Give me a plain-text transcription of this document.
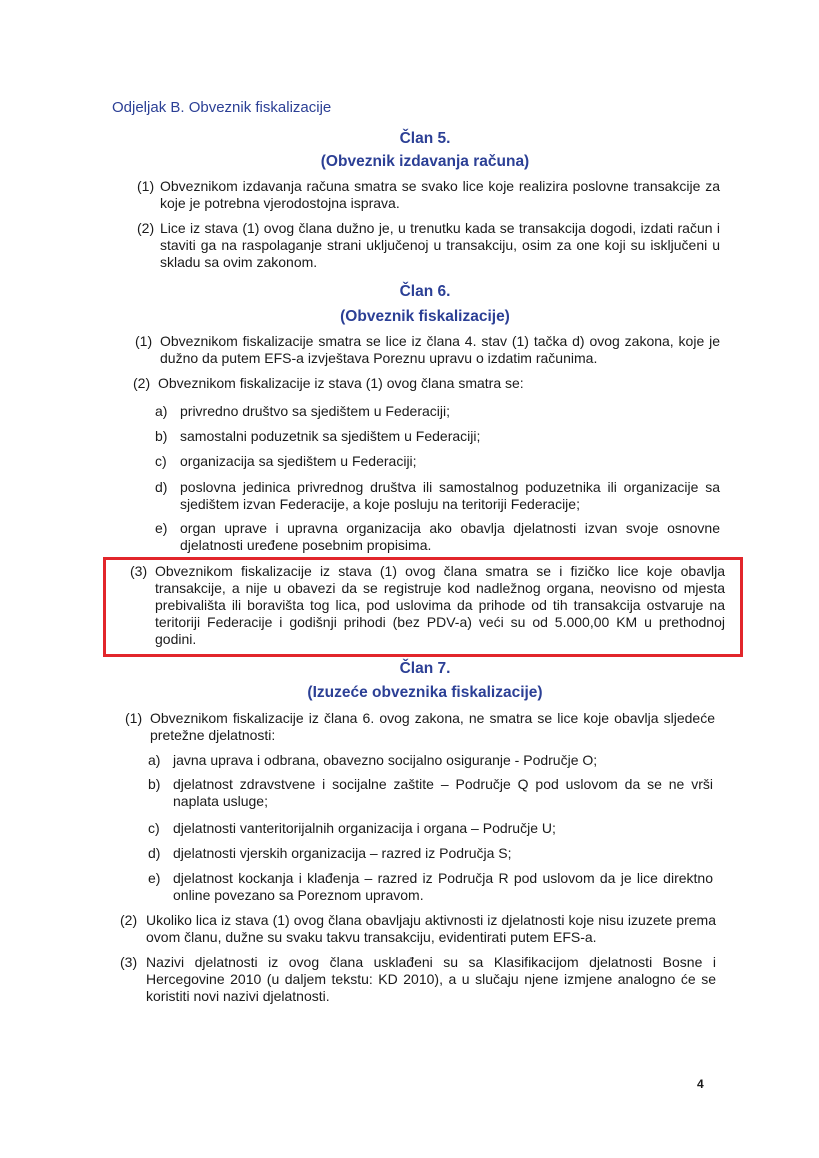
Odjeljak B. Obveznik fiskalizacije
Član 5.
(Obveznik izdavanja računa)
(1) Obveznikom izdavanja računa smatra se svako lice koje realizira poslovne transakcije za koje je potrebna vjerodostojna isprava.
(2) Lice iz stava (1) ovog člana dužno je, u trenutku kada se transakcija dogodi, izdati račun i staviti ga na raspolaganje strani uključenoj u transakciju, osim za one koji su isključeni u skladu sa ovim zakonom.
Član 6.
(Obveznik fiskalizacije)
(1) Obveznikom fiskalizacije smatra se lice iz člana 4. stav (1) tačka d) ovog zakona, koje je dužno da putem EFS-a izvještava Poreznu upravu o izdatim računima.
(2) Obveznikom fiskalizacije iz stava (1) ovog člana smatra se:
a) privredno društvo sa sjedištem u Federaciji;
b) samostalni poduzetnik sa sjedištem u Federaciji;
c) organizacija sa sjedištem u Federaciji;
d) poslovna jedinica privrednog društva ili samostalnog poduzetnika ili organizacije sa sjedištem izvan Federacije, a koje posluju na teritoriji Federacije;
e) organ uprave i upravna organizacija ako obavlja djelatnosti izvan svoje osnovne djelatnosti uređene posebnim propisima.
(3) Obveznikom fiskalizacije iz stava (1) ovog člana smatra se i fizičko lice koje obavlja transakcije, a nije u obavezi da se registruje kod nadležnog organa, neovisno od mjesta prebivališta ili boravišta tog lica, pod uslovima da prihode od tih transakcija ostvaruje na teritoriji Federacije i godišnji prihodi (bez PDV-a) veći su od 5.000,00 KM u prethodnoj godini.
Član 7.
(Izuzeće obveznika fiskalizacije)
(1) Obveznikom fiskalizacije iz člana 6. ovog zakona, ne smatra se lice koje obavlja sljedeće pretežne djelatnosti:
a) javna uprava i odbrana, obavezno socijalno osiguranje - Područje O;
b) djelatnost zdravstvene i socijalne zaštite – Područje Q pod uslovom da se ne vrši naplata usluge;
c) djelatnosti vanteritorijalnih organizacija i organa – Područje U;
d) djelatnosti vjerskih organizacija – razred iz Područja S;
e) djelatnost kockanja i klađenja – razred iz Područja R pod uslovom da je lice direktno online povezano sa Poreznom upravom.
(2) Ukoliko lica iz stava (1) ovog člana obavljaju aktivnosti iz djelatnosti koje nisu izuzete prema ovom članu, dužne su svaku takvu transakciju, evidentirati putem EFS-a.
(3) Nazivi djelatnosti iz ovog člana usklađeni su sa Klasifikacijom djelatnosti Bosne i Hercegovine 2010 (u daljem tekstu: KD 2010), a u slučaju njene izmjene analogno će se koristiti novi nazivi djelatnosti.
4
